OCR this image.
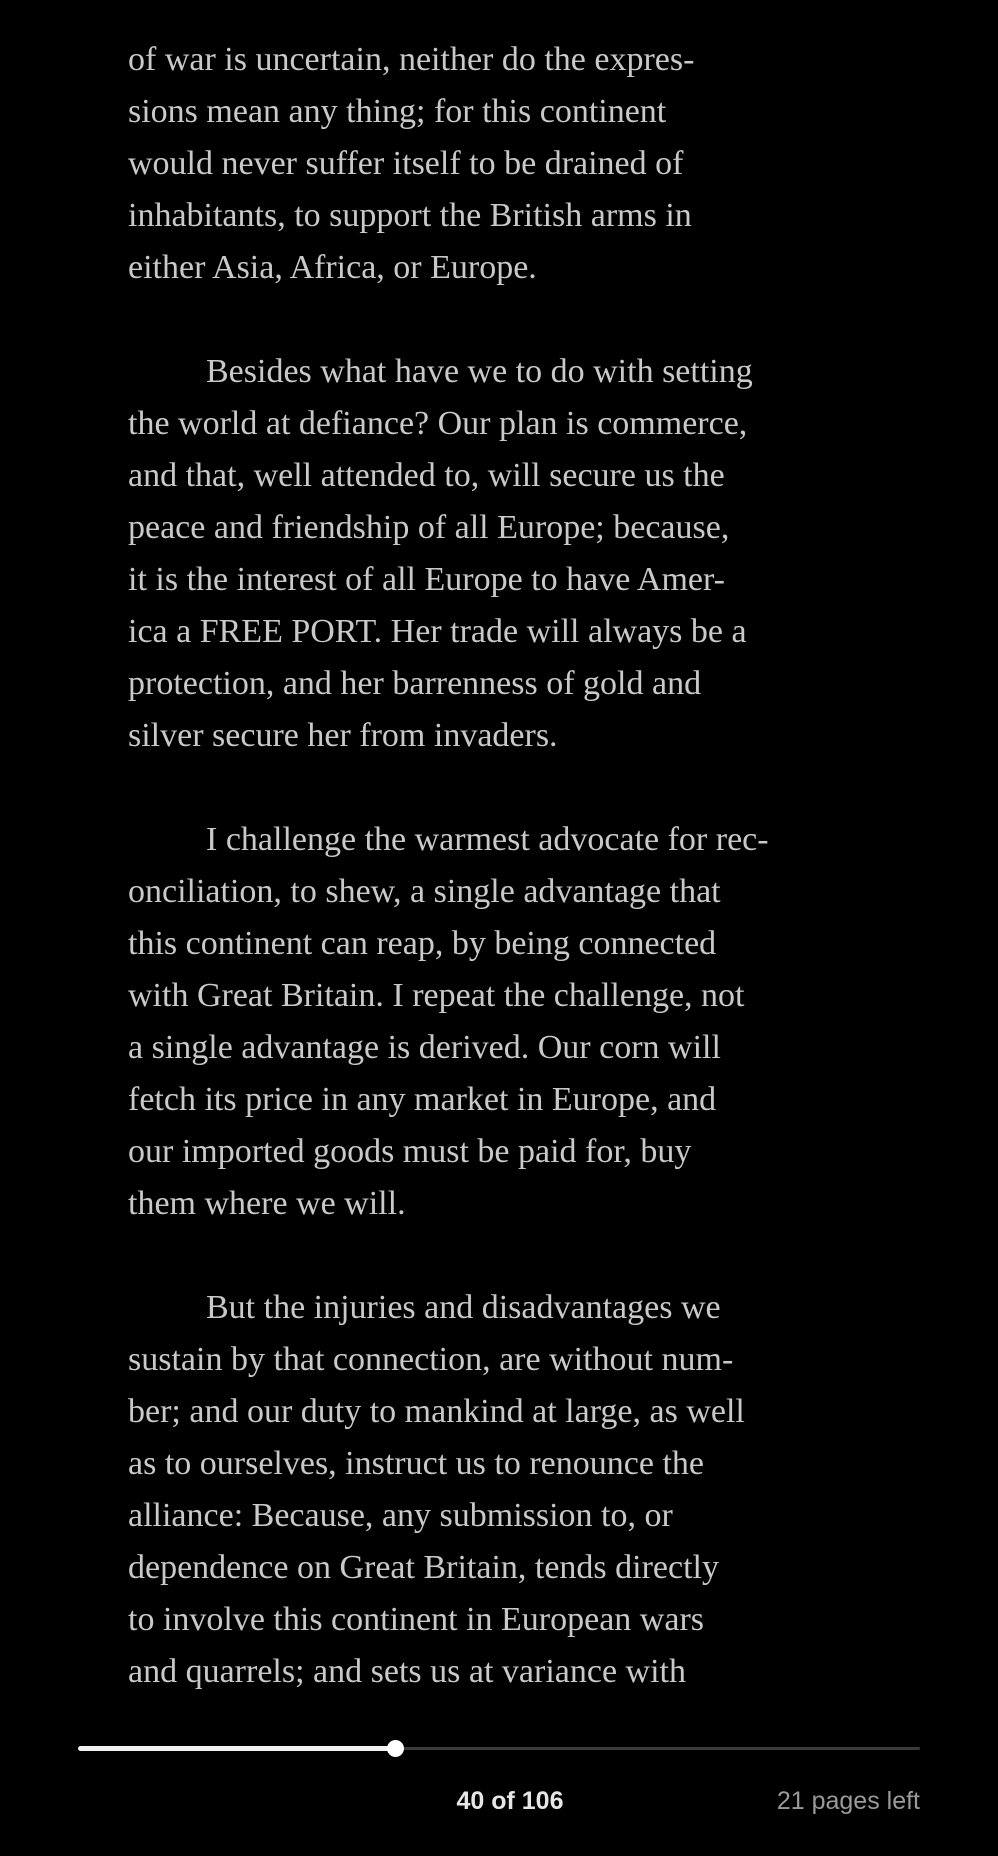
of war is uncertain, neither do the expres-
sions mean any thing; for this continent
would never suffer itself to be drained of
inhabitants, to support the British arms in
either Asia, Africa, or Europe.

Besides what have we to do with setting
the world at defiance? Our plan is commerce,
and that, well attended to, will secure us the
peace and friendship of all Europe; because,
it is the interest of all Europe to have Amer-
ica a FREE PORT. Her trade will always be a
protection, and her barrenness of gold and
silver secure her from invaders.

I challenge the warmest advocate for rec-
onciliation, to shew, a single advantage that
this continent can reap, by being connected
with Great Britain. I repeat the challenge, not
a single advantage is derived. Our corn will
fetch its price in any market in Europe, and
our imported goods must be paid for, buy
them where we will.

But the injuries and disadvantages we
sustain by that connection, are without num-
ber; and our duty to mankind at large, as well
as to ourselves, instruct us to renounce the
alliance: Because, any submission to, or
dependence on Great Britain, tends directly
to involve this continent in European wars
and quarrels; and sets us at variance with

40 of 106	21 pages left
